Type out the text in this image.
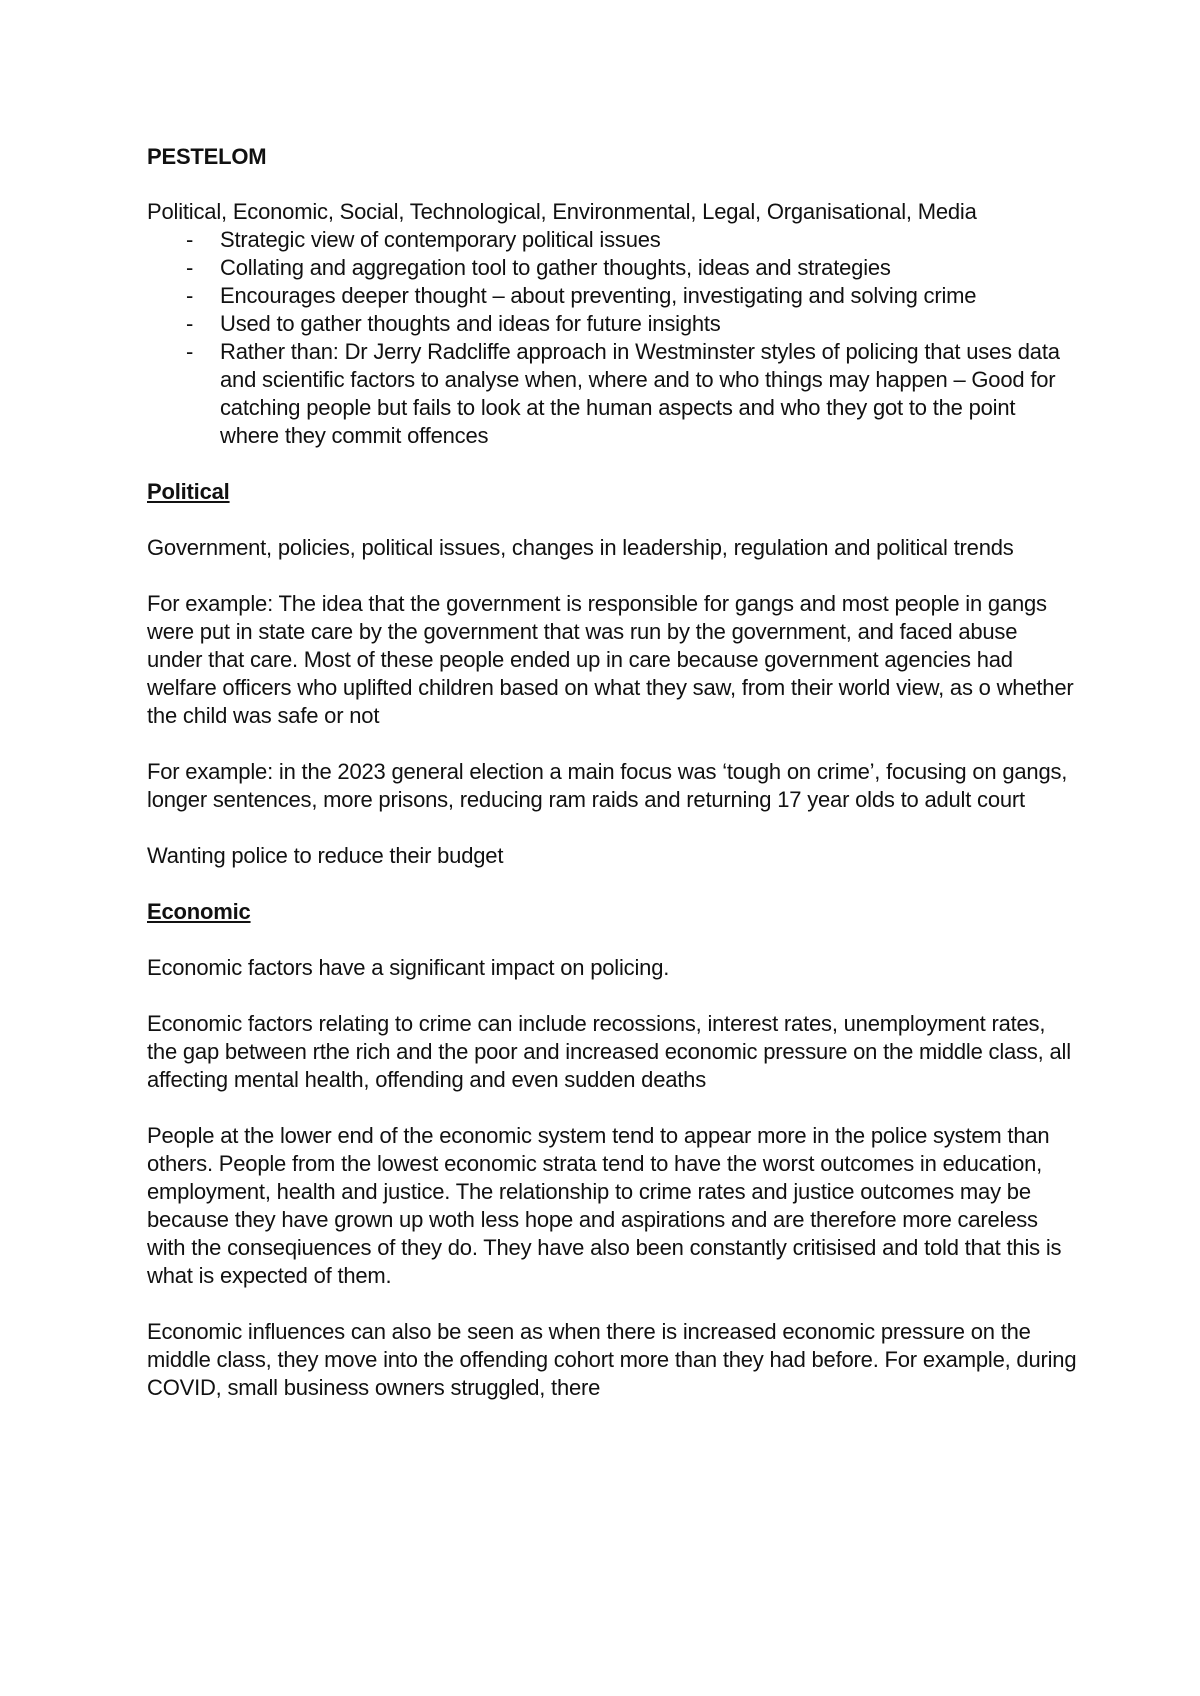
PESTELOM

Political, Economic, Social, Technological, Environmental, Legal, Organisational, Media

- Strategic view of contemporary political issues
- Collating and aggregation tool to gather thoughts, ideas and strategies
- Encourages deeper thought – about preventing, investigating and solving crime
- Used to gather thoughts and ideas for future insights
- Rather than: Dr Jerry Radcliffe approach in Westminster styles of policing that uses data and scientific factors to analyse when, where and to who things may happen – Good for catching people but fails to look at the human aspects and who they got to the point where they commit offences

Political

Government, policies, political issues, changes in leadership, regulation and political trends

For example: The idea that the government is responsible for gangs and most people in gangs were put in state care by the government that was run by the government, and faced abuse under that care. Most of these people ended up in care because government agencies had welfare officers who uplifted children based on what they saw, from their world view, as o whether the child was safe or not

For example: in the 2023 general election a main focus was ‘tough on crime’, focusing on gangs, longer sentences, more prisons, reducing ram raids and returning 17 year olds to adult court

Wanting police to reduce their budget

Economic

Economic factors have a significant impact on policing.

Economic factors relating to crime can include recossions, interest rates, unemployment rates, the gap between rthe rich and the poor and increased economic pressure on the middle class, all affecting mental health, offending and even sudden deaths

People at the lower end of the economic system tend to appear more in the police system than others. People from the lowest economic strata tend to have the worst outcomes in education, employment, health and justice. The relationship to crime rates and justice outcomes may be because they have grown up woth less hope and aspirations and are therefore more careless with the conseqiuences of they do. They have also been constantly critisised and told that this is what is expected of them.

Economic influences can also be seen as when there is increased economic pressure on the middle class, they move into the offending cohort more than they had before. For example, during COVID, small business owners struggled, there
